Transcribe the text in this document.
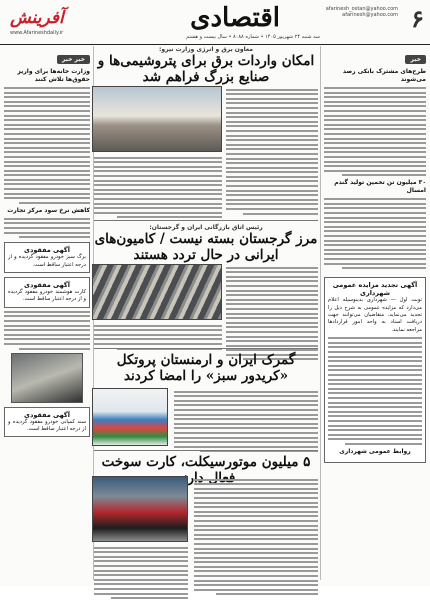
۶
afarinesh_ostan@yahoo.com
afarinesh@yahoo.com
اقتصادی
آفرینش
www.Afarineshdaily.ir
سه شنبه ۲۴ شهریور ۱۴۰۵ • شماره ۸۰۸۸ • سال بیست و هشتم
خبر
طرح‌های مشترک بانکی رصد می‌شوند
۳۰ میلیون تن تخمین تولید گندم امسال
آگهی تجدید مزایده عمومی شهرداری
نوبت اول — شهرداری بدینوسیله اعلام می‌دارد که مزایده عمومی به شرح ذیل را تجدید می‌نماید. متقاضیان می‌توانند جهت دریافت اسناد به واحد امور قراردادها مراجعه نمایند.
روابط عمومی شهرداری
خبر خبر
وزارت خانه‌ها برای واریز حقوق‌ها تلاش کنند
کاهش نرخ سود مرکز تجارت
آگهی مفقودی
برگ سبز خودرو مفقود گردیده و از درجه اعتبار ساقط است.
آگهی مفقودی
کارت هوشمند خودرو مفقود گردیده و از درجه اعتبار ساقط است.
آگهی مفقودی
سند کمپانی خودرو مفقود گردیده و از درجه اعتبار ساقط است.
معاون برق و انرژی وزارت نیرو:
امکان واردات برق برای پتروشیمی‌ها و صنایع بزرگ فراهم شد
رئیس اتاق بازرگانی ایران و گرجستان:
مرز گرجستان بسته نیست / کامیون‌های ایرانی در حال تردد هستند
گمرک ایران و ارمنستان پروتکل «کریدور سبز» را امضا کردند
۵ میلیون موتورسیکلت، کارت سوخت دارند
